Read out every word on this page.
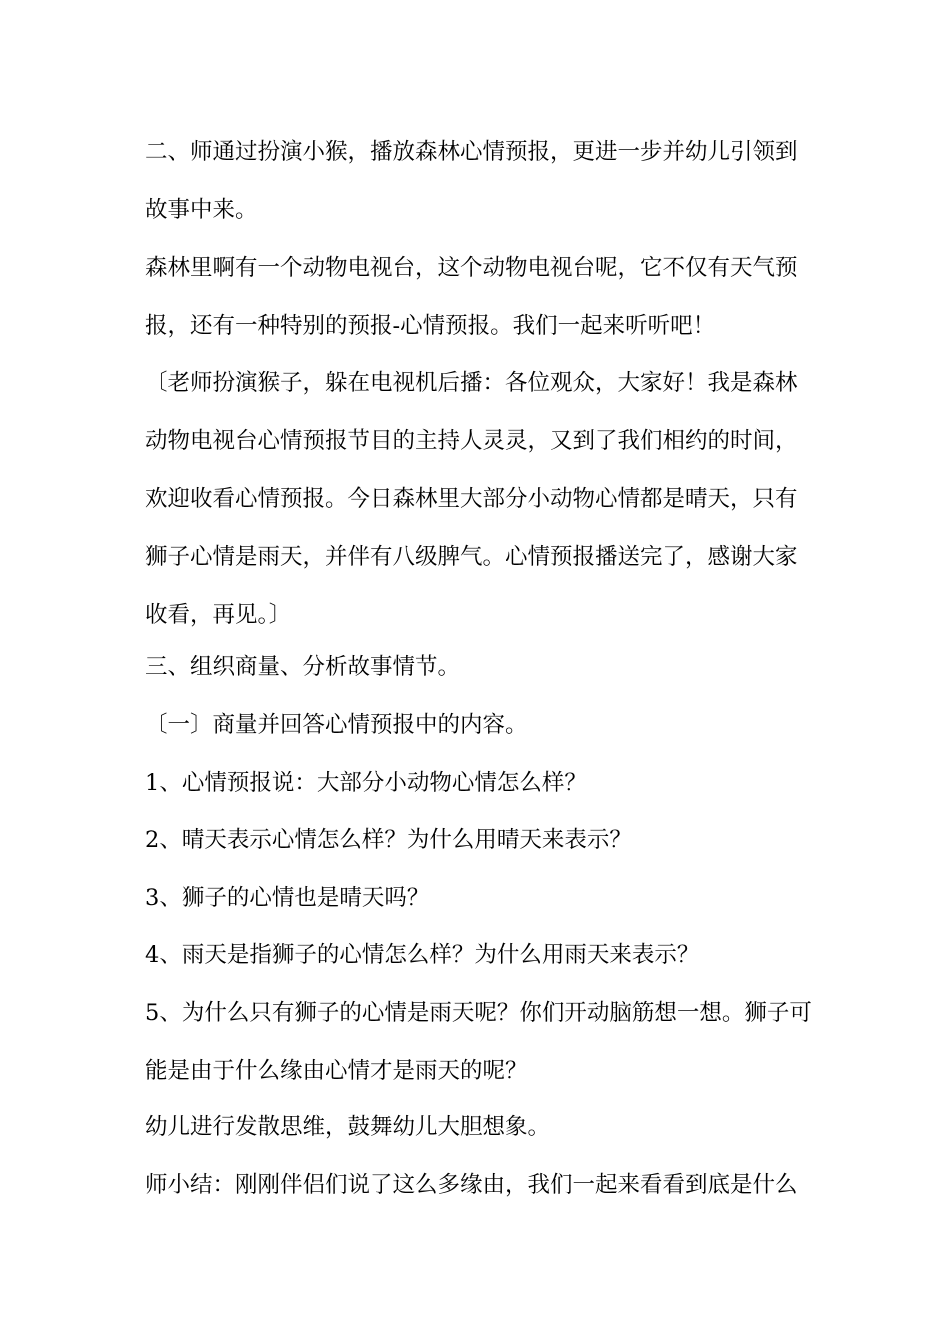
二、师通过扮演小猴，播放森林心情预报，更进一步并幼儿引领到故事中来。

森林里啊有一个动物电视台，这个动物电视台呢，它不仅有天气预报，还有一种特别的预报-心情预报。我们一起来听听吧！

〔老师扮演猴子，躲在电视机后播：各位观众，大家好！我是森林动物电视台心情预报节目的主持人灵灵，又到了我们相约的时间，欢迎收看心情预报。今日森林里大部分小动物心情都是晴天，只有狮子心情是雨天，并伴有八级脾气。心情预报播送完了，感谢大家收看，再见。〕

三、组织商量、分析故事情节。

〔一〕商量并回答心情预报中的内容。

1、心情预报说：大部分小动物心情怎么样？

2、晴天表示心情怎么样？为什么用晴天来表示？

3、狮子的心情也是晴天吗？

4、雨天是指狮子的心情怎么样？为什么用雨天来表示？

5、为什么只有狮子的心情是雨天呢？你们开动脑筋想一想。狮子可能是由于什么缘由心情才是雨天的呢？

幼儿进行发散思维，鼓舞幼儿大胆想象。

师小结：刚刚伴侣们说了这么多缘由，我们一起来看看到底是什么
